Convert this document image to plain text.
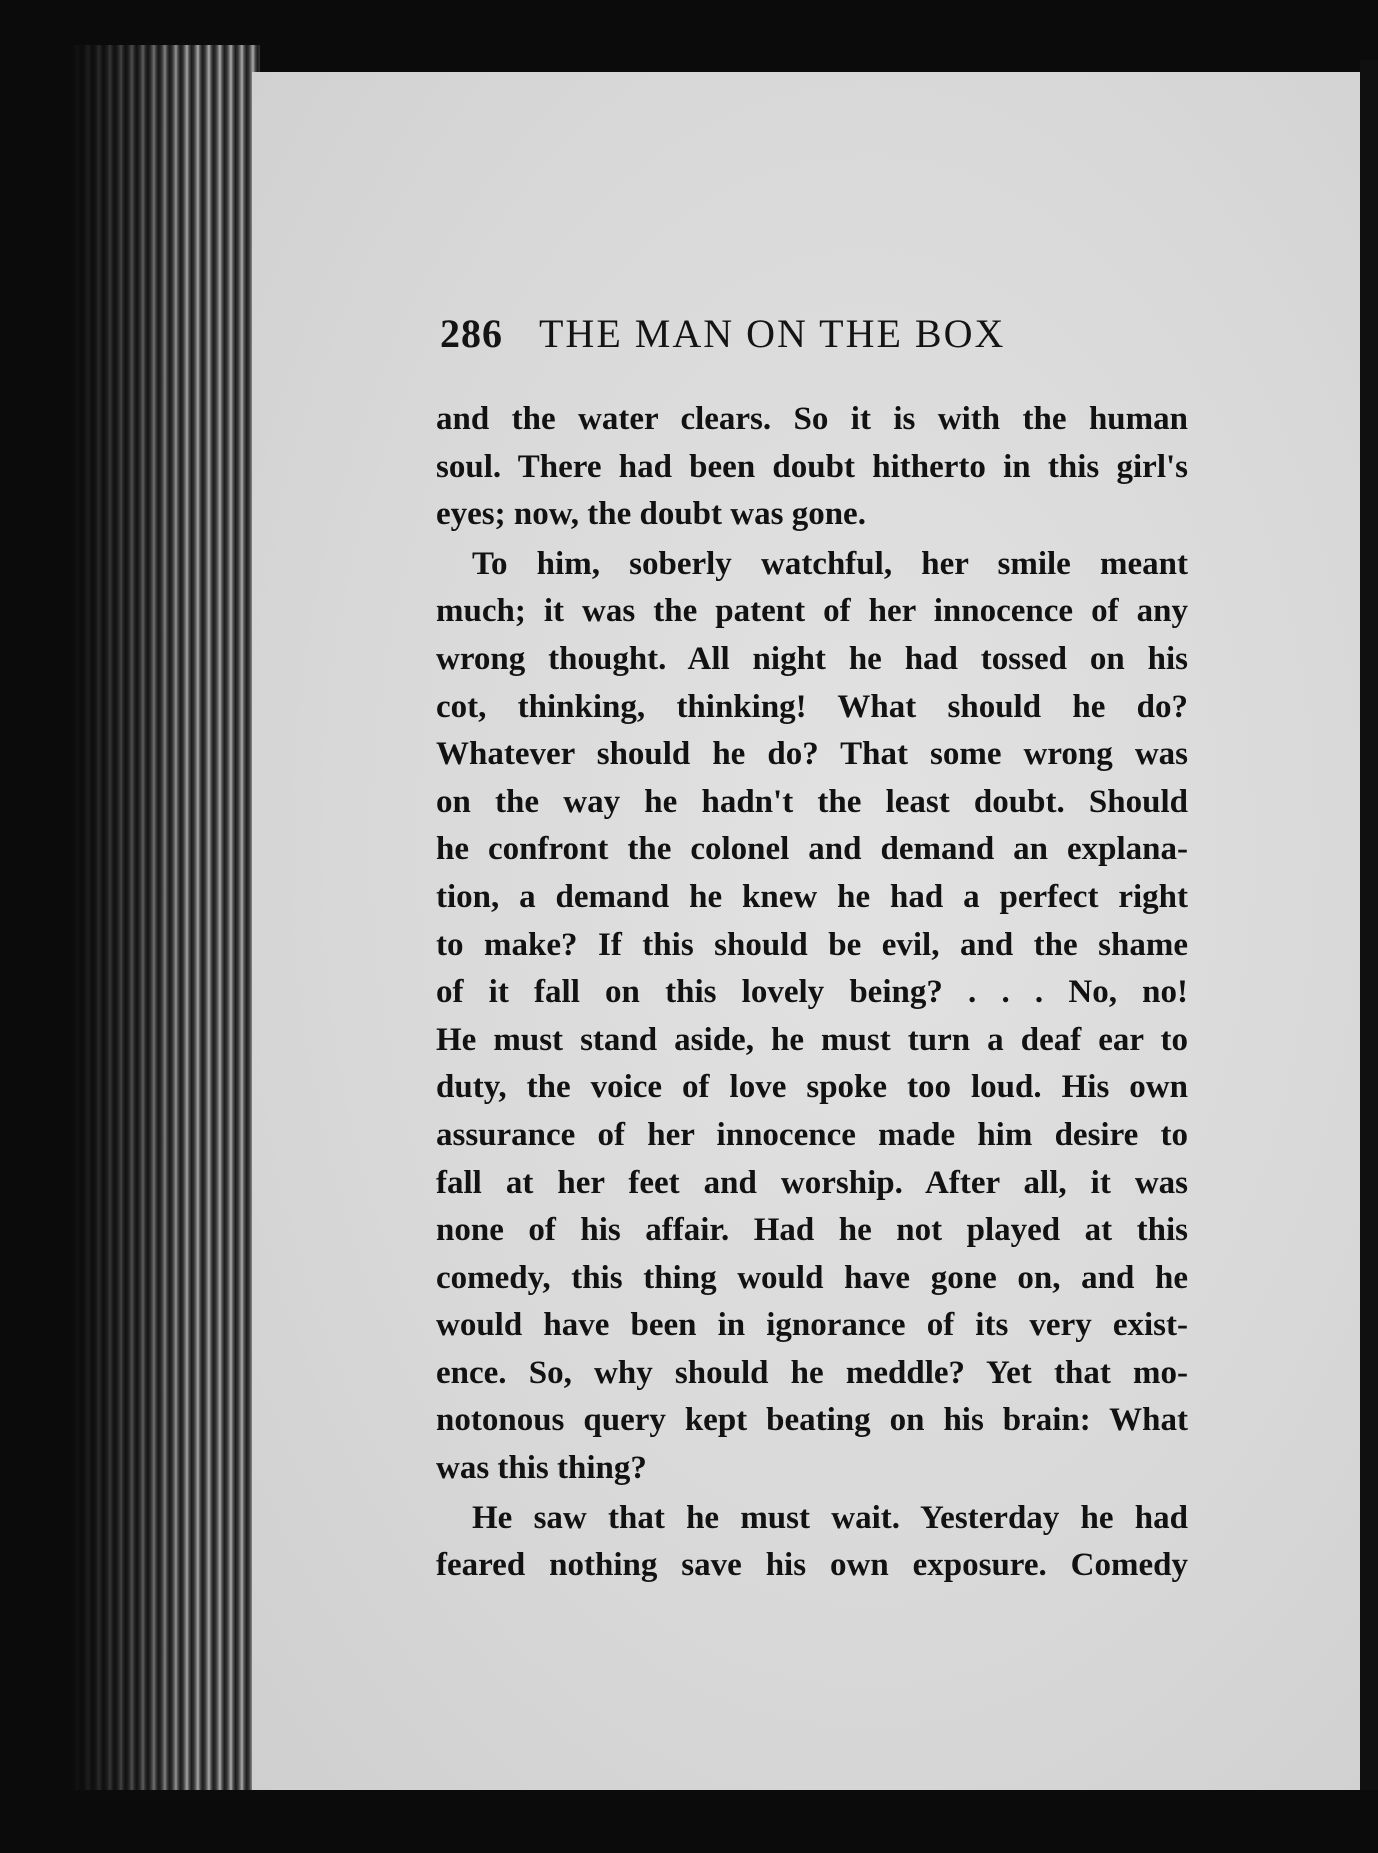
286 THE MAN ON THE BOX
and the water clears. So it is with the human
soul. There had been doubt hitherto in this girl's
eyes; now, the doubt was gone.
To him, soberly watchful, her smile meant
much; it was the patent of her innocence of any
wrong thought. All night he had tossed on his
cot, thinking, thinking! What should he do?
Whatever should he do? That some wrong was
on the way he hadn't the least doubt. Should
he confront the colonel and demand an explana-
tion, a demand he knew he had a perfect right
to make? If this should be evil, and the shame
of it fall on this lovely being? . . . No, no!
He must stand aside, he must turn a deaf ear to
duty, the voice of love spoke too loud. His own
assurance of her innocence made him desire to
fall at her feet and worship. After all, it was
none of his affair. Had he not played at this
comedy, this thing would have gone on, and he
would have been in ignorance of its very exist-
ence. So, why should he meddle? Yet that mo-
notonous query kept beating on his brain: What
was this thing?
He saw that he must wait. Yesterday he had
feared nothing save his own exposure. Comedy
